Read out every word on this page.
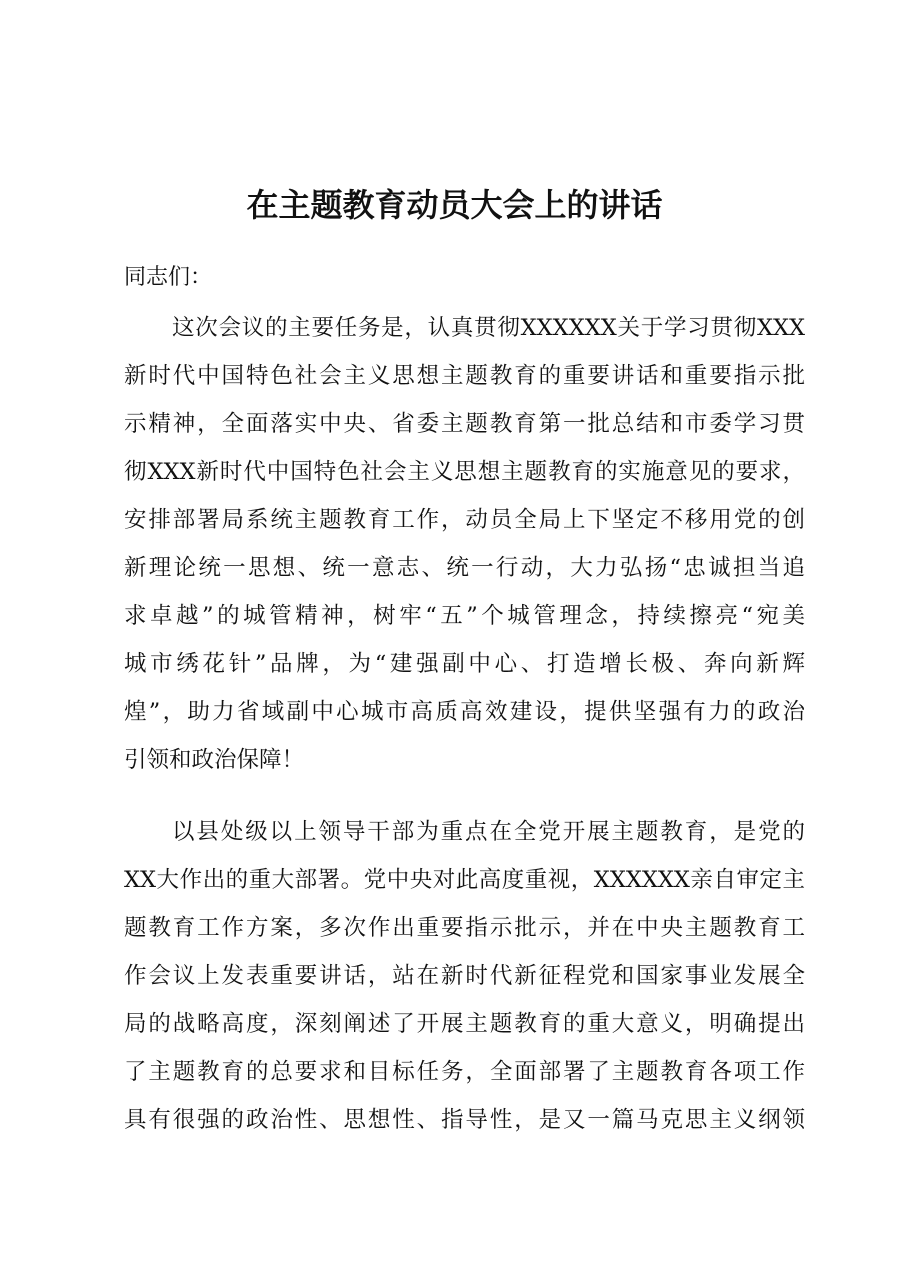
在主题教育动员大会上的讲话

同志们：

这次会议的主要任务是，认真贯彻XXXXXX关于学习贯彻XXX

新时代中国特色社会主义思想主题教育的重要讲话和重要指示批

示精神，全面落实中央、省委主题教育第一批总结和市委学习贯

彻XXX新时代中国特色社会主义思想主题教育的实施意见的要求，

安排部署局系统主题教育工作，动员全局上下坚定不移用党的创

新理论统一思想、统一意志、统一行动，大力弘扬“忠诚担当追

求卓越”的城管精神，树牢“五”个城管理念，持续擦亮“宛美

城市绣花针”品牌，为“建强副中心、打造增长极、奔向新辉

煌”，助力省域副中心城市高质高效建设，提供坚强有力的政治

引领和政治保障！

以县处级以上领导干部为重点在全党开展主题教育，是党的

XX大作出的重大部署。党中央对此高度重视，XXXXXX亲自审定主

题教育工作方案，多次作出重要指示批示，并在中央主题教育工

作会议上发表重要讲话，站在新时代新征程党和国家事业发展全

局的战略高度，深刻阐述了开展主题教育的重大意义，明确提出

了主题教育的总要求和目标任务，全面部署了主题教育各项工作

具有很强的政治性、思想性、指导性，是又一篇马克思主义纲领
